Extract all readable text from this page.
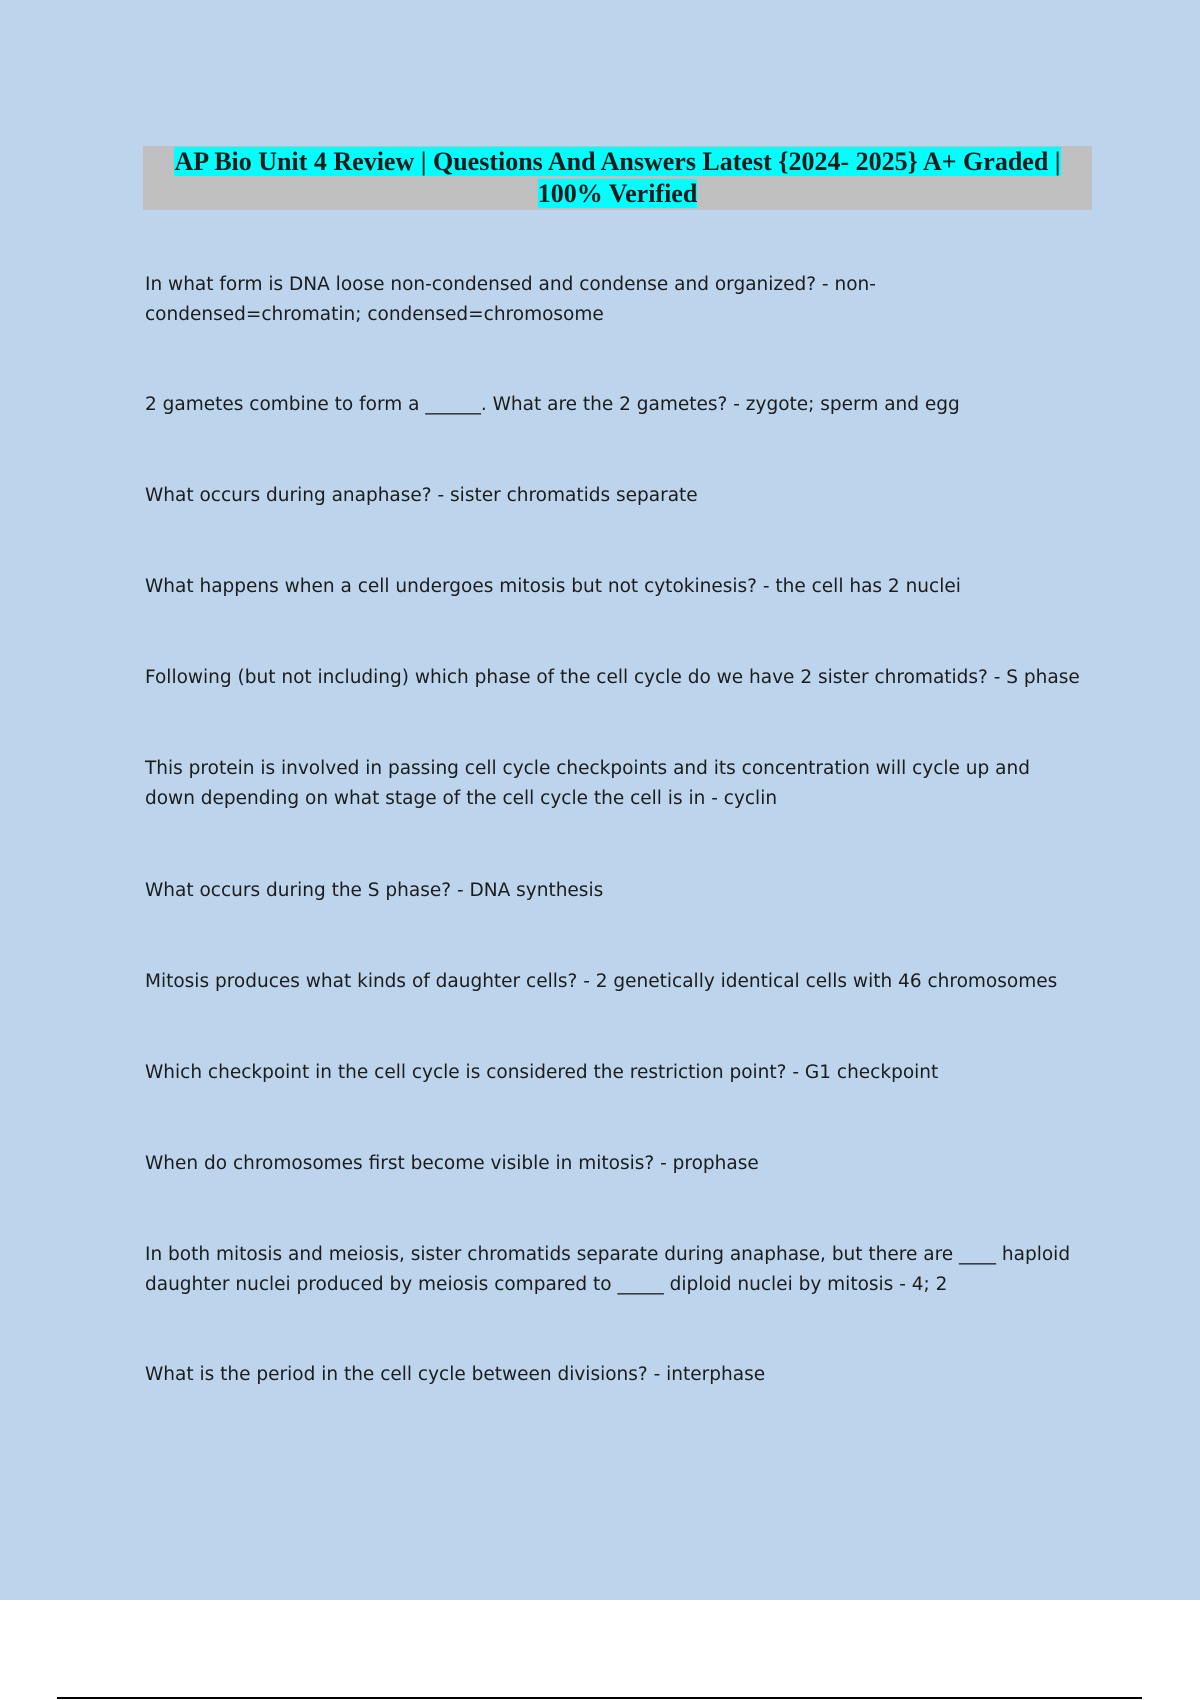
AP Bio Unit 4 Review | Questions And Answers Latest {2024- 2025} A+ Graded | 100% Verified

In what form is DNA loose non-condensed and condense and organized? - non-condensed=chromatin; condensed=chromosome

2 gametes combine to form a ______. What are the 2 gametes? - zygote; sperm and egg

What occurs during anaphase? - sister chromatids separate

What happens when a cell undergoes mitosis but not cytokinesis? - the cell has 2 nuclei

Following (but not including) which phase of the cell cycle do we have 2 sister chromatids? - S phase

This protein is involved in passing cell cycle checkpoints and its concentration will cycle up and down depending on what stage of the cell cycle the cell is in - cyclin

What occurs during the S phase? - DNA synthesis

Mitosis produces what kinds of daughter cells? - 2 genetically identical cells with 46 chromosomes

Which checkpoint in the cell cycle is considered the restriction point? - G1 checkpoint

When do chromosomes first become visible in mitosis? - prophase

In both mitosis and meiosis, sister chromatids separate during anaphase, but there are ____ haploid daughter nuclei produced by meiosis compared to _____ diploid nuclei by mitosis - 4; 2

What is the period in the cell cycle between divisions? - interphase
